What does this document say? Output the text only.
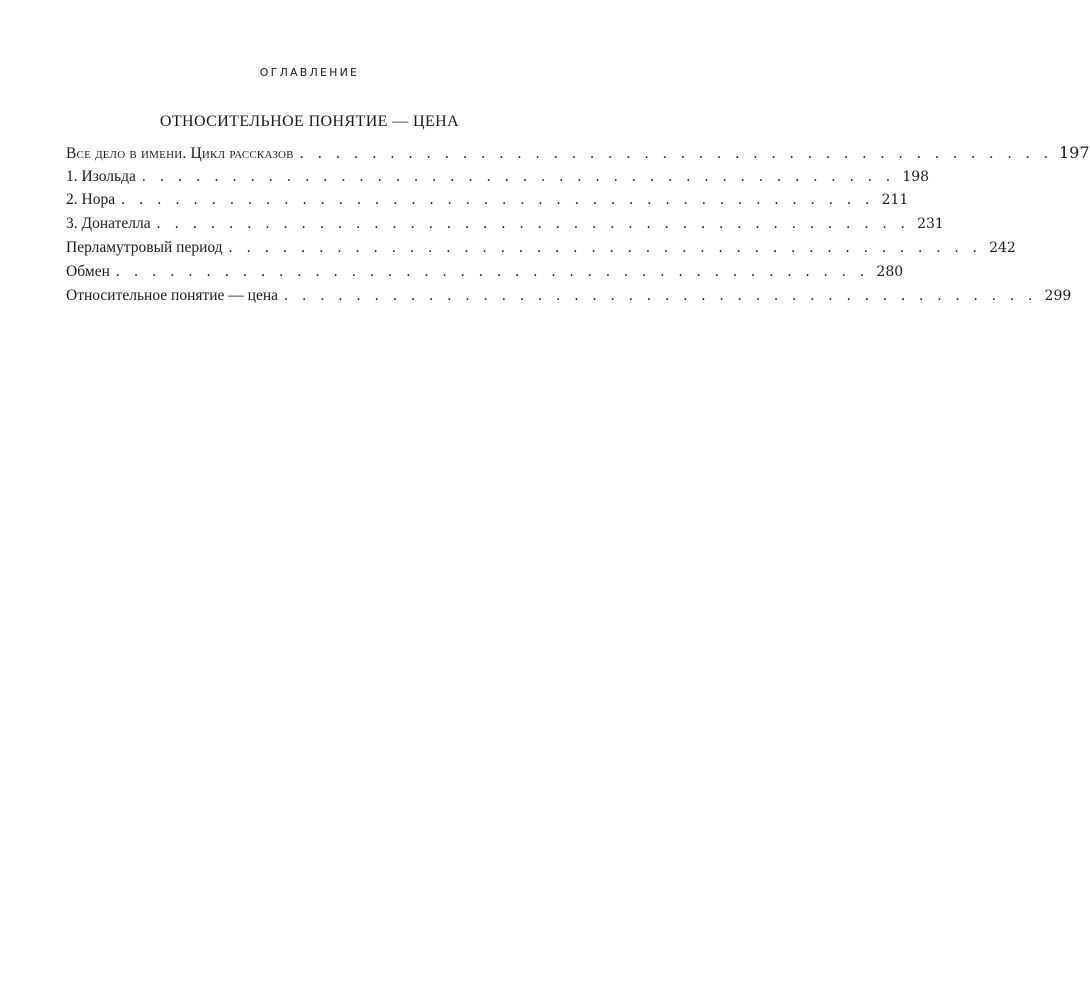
ОГЛАВЛЕНИЕ
ОТНОСИТЕЛЬНОЕ ПОНЯТИЕ — ЦЕНА
Все дело в имени. Цикл рассказов . . . . . . . . . . . . . . . . . . . . . . . . . . . . . . . . . . . . . . . . . . 197
1. Изольда . . . . . . . . . . . . . . . . . . . . . . . . . . . . . . . . . . . . . . . . . . 198
2. Нора . . . . . . . . . . . . . . . . . . . . . . . . . . . . . . . . . . . . . . . . . . 211
3. Донателла . . . . . . . . . . . . . . . . . . . . . . . . . . . . . . . . . . . . . . . . . . 231
Перламутровый период . . . . . . . . . . . . . . . . . . . . . . . . . . . . . . . . . . . . . . . . . . 242
Обмен . . . . . . . . . . . . . . . . . . . . . . . . . . . . . . . . . . . . . . . . . . 280
Относительное понятие — цена . . . . . . . . . . . . . . . . . . . . . . . . . . . . . . . . . . . . . . . . . . 299
